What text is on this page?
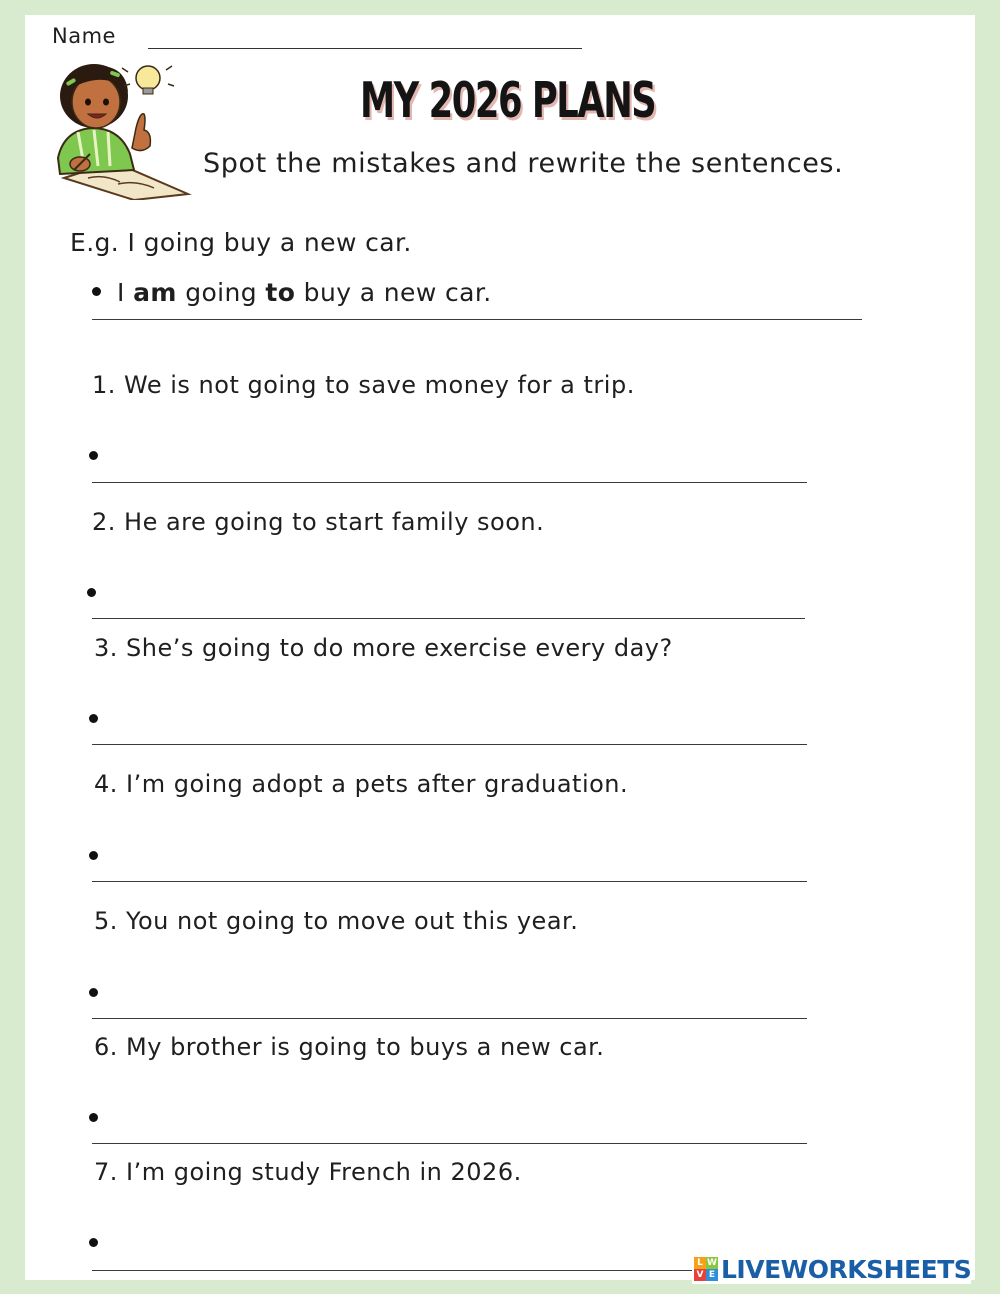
Name
MY 2026 PLANS
Spot the mistakes and rewrite the sentences.
E.g. I going buy a new car.
I am going to buy a new car.
1. We is not going to save money for a trip.
2. He are going to start family soon.
3. She’s going to do more exercise every day?
4. I’m going adopt a pets after graduation.
5. You not going to move out this year.
6. My brother is going to buys a new car.
7. I’m going study French in 2026.
L W
V E LIVEWORKSHEETS
